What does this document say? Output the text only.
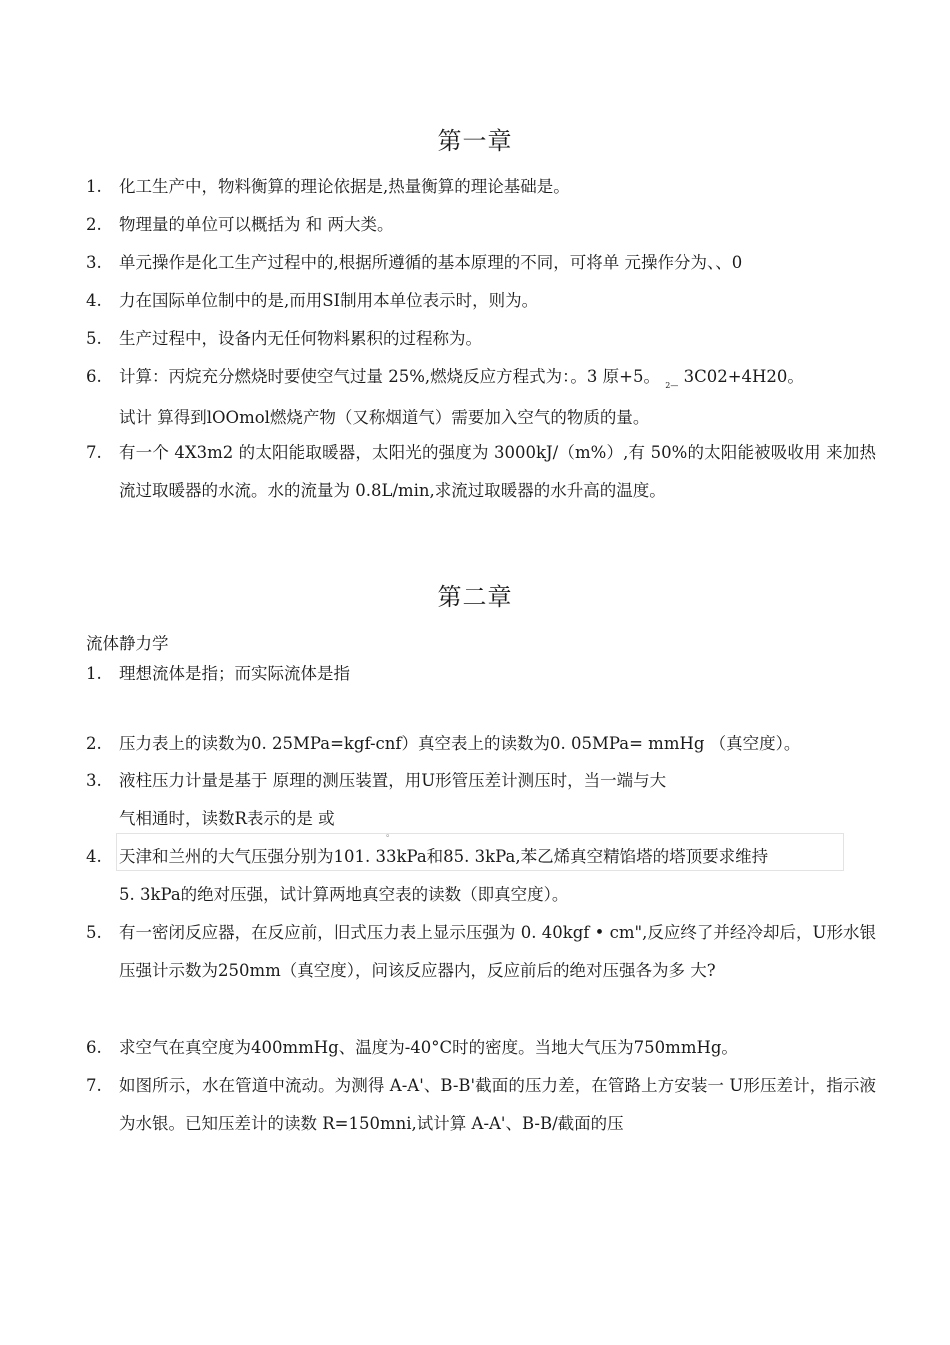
第一章
1.	化工生产中，物料衡算的理论依据是,热量衡算的理论基础是。
2.	物理量的单位可以概括为 和 两大类。
3.	单元操作是化工生产过程中的,根据所遵循的基本原理的不同，可将单 元操作分为、、0
4.	力在国际单位制中的是,而用SI制用本单位表示时，则为。
5.	生产过程中，设备内无任何物料累积的过程称为。
6.	计算：丙烷充分燃烧时要使空气过量 25%,燃烧反应方程式为：。3 原+5。 $_{2—}$ 3C02+4H20。
试计 算得到lOOmol燃烧产物（又称烟道气）需要加入空气的物质的量。
7.	有一个 4X3m2 的太阳能取暖器，太阳光的强度为 3000kJ/（m%）,有 50%的太阳能被吸收用 来加热流过取暖器的水流。水的流量为 0.8L/min,求流过取暖器的水升高的温度。
第二章
流体静力学
1.	理想流体是指；而实际流体是指
2.	压力表上的读数为0. 25MPa=kgf-cnf）真空表上的读数为0. 05MPa= mmHg （真空度）。
3.	液柱压力计量是基于 原理的测压装置，用U形管压差计测压时，当一端与大
气相通时，读数R表示的是 或
。
4.	天津和兰州的大气压强分别为101. 33kPa和85. 3kPa,苯乙烯真空精馅塔的塔顶要求维持
5. 3kPa的绝对压强，试计算两地真空表的读数（即真空度）。
5.	有一密闭反应器，在反应前，旧式压力表上显示压强为 0. 40kgf • cm",反应终了并经冷却后，U形水银压强计示数为250mm（真空度），问该反应器内，反应前后的绝对压强各为多 大?
6.	求空气在真空度为400mmHg、温度为-40°C时的密度。当地大气压为750mmHg。
7.	如图所示，水在管道中流动。为测得 A-A'、B-B'截面的压力差，在管路上方安装一 U形压差计，指示液为水银。已知压差计的读数 R=150mni,试计算 A-A'、B-B/截面的压
